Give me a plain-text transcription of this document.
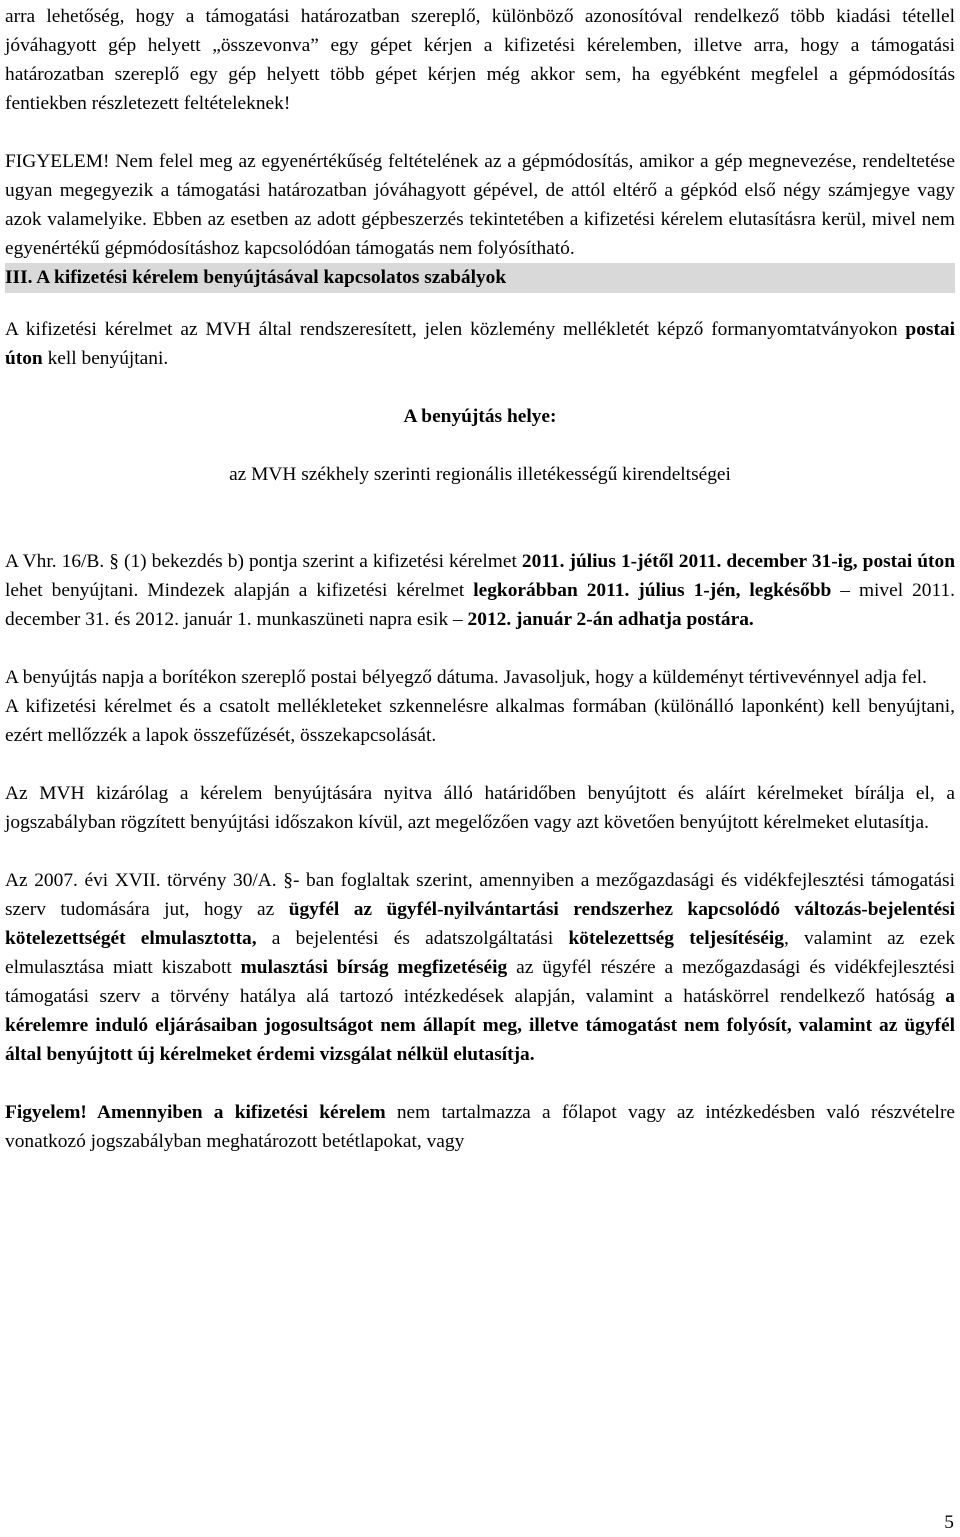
arra lehetőség, hogy a támogatási határozatban szereplő, különböző azonosítóval rendelkező több kiadási tétellel jóváhagyott gép helyett „összevonva” egy gépet kérjen a kifizetési kérelemben, illetve arra, hogy a támogatási határozatban szereplő egy gép helyett több gépet kérjen még akkor sem, ha egyébként megfelel a gépmódosítás fentiekben részletezett feltételeknek!

FIGYELEM! Nem felel meg az egyenértékűség feltételének az a gépmódosítás, amikor a gép megnevezése, rendeltetése ugyan megegyezik a támogatási határozatban jóváhagyott gépével, de attól eltérő a gépkód első négy számjegye vagy azok valamelyike. Ebben az esetben az adott gépbeszerzés tekintetében a kifizetési kérelem elutasításra kerül, mivel nem egyenértékű gépmódosításhoz kapcsolódóan támogatás nem folyósítható.

III. A kifizetési kérelem benyújtásával kapcsolatos szabályok

A kifizetési kérelmet az MVH által rendszeresített, jelen közlemény mellékletét képző formanyomtatványokon postai úton kell benyújtani.

A benyújtás helye:

az MVH székhely szerinti regionális illetékességű kirendeltségei

A Vhr. 16/B. § (1) bekezdés b) pontja szerint a kifizetési kérelmet 2011. július 1-jétől 2011. december 31-ig, postai úton lehet benyújtani. Mindezek alapján a kifizetési kérelmet legkorábban 2011. július 1-jén, legkésőbb – mivel 2011. december 31. és 2012. január 1. munkaszüneti napra esik – 2012. január 2-án adhatja postára.

A benyújtás napja a borítékon szereplő postai bélyegző dátuma. Javasoljuk, hogy a küldeményt tértivevénnyel adja fel.

A kifizetési kérelmet és a csatolt mellékleteket szkennelésre alkalmas formában (különálló laponként) kell benyújtani, ezért mellőzzék a lapok összefűzését, összekapcsolását.

Az MVH kizárólag a kérelem benyújtására nyitva álló határidőben benyújtott és aláírt kérelmeket bírálja el, a jogszabályban rögzített benyújtási időszakon kívül, azt megelőzően vagy azt követően benyújtott kérelmeket elutasítja.

Az 2007. évi XVII. törvény 30/A. §- ban foglaltak szerint, amennyiben a mezőgazdasági és vidékfejlesztési támogatási szerv tudomására jut, hogy az ügyfél az ügyfél-nyilvántartási rendszerhez kapcsolódó változás-bejelentési kötelezettségét elmulasztotta, a bejelentési és adatszolgáltatási kötelezettség teljesítéséig, valamint az ezek elmulasztása miatt kiszabott mulasztási bírság megfizetéséig az ügyfél részére a mezőgazdasági és vidékfejlesztési támogatási szerv a törvény hatálya alá tartozó intézkedések alapján, valamint a hatáskörrel rendelkező hatóság a kérelemre induló eljárásaiban jogosultságot nem állapít meg, illetve támogatást nem folyósít, valamint az ügyfél által benyújtott új kérelmeket érdemi vizsgálat nélkül elutasítja.

Figyelem! Amennyiben a kifizetési kérelem nem tartalmazza a főlapot vagy az intézkedésben való részvételre vonatkozó jogszabályban meghatározott betétlapokat, vagy

5
